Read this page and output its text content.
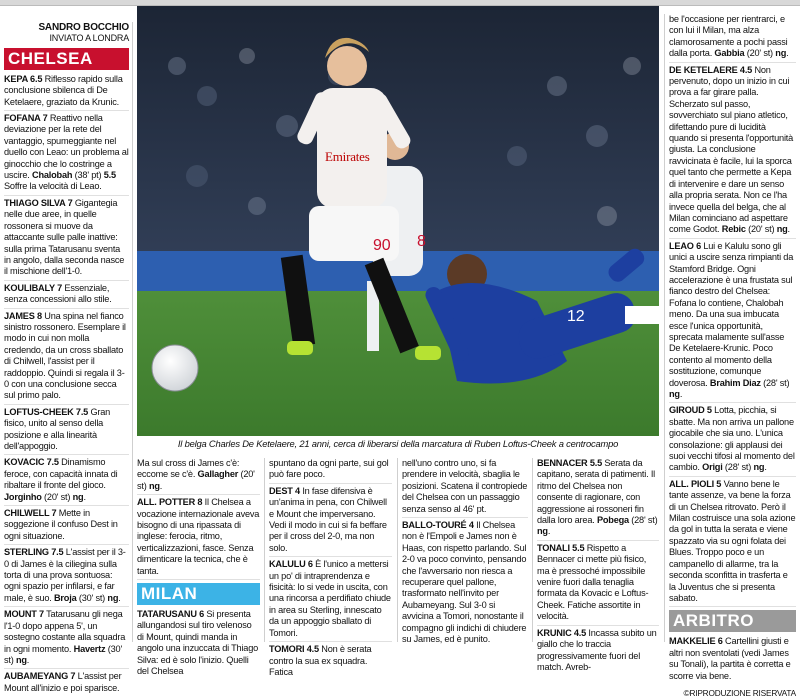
SANDRO BOCCHIO
INVIATO A LONDRA
CHELSEA
KEPA 6.5 Riflesso rapido sulla conclusione sbilenca di De Ketelaere, graziato da Krunic.
FOFANA 7 Reattivo nella deviazione per la rete del vantaggio, spumeggiante nel duello con Leao: un problema al ginocchio che lo costringe a uscire. Chalobah (38' pt) 5.5 Soffre la velocità di Leao.
THIAGO SILVA 7 Gigantegia nelle due aree, in quelle rossonera si muove da attaccante sulle palle inattive: sulla prima Tatarusanu sventa in angolo, dalla seconda nasce il mischione dell'1-0.
KOULIBALY 7 Essenziale, senza concessioni allo stile.
JAMES 8 Una spina nel fianco sinistro rossonero. Esemplare il modo in cui non molla credendo, da un cross sballato di Chilwell, l'assist per il raddoppio. Quindi si regala il 3-0 con una conclusione secca sul primo palo.
LOFTUS-CHEEK 7.5 Gran fisico, unito al senso della posizione e alla linearità dell'appoggio.
KOVACIC 7.5 Dinamismo feroce, con capacità innata di ribaltare il fronte del gioco. Jorginho (20' st) ng.
CHILWELL 7 Mette in soggezione il confuso Dest in ogni situazione.
STERLING 7.5 L'assist per il 3-0 di James è la ciliegina sulla torta di una prova sontuosa: ogni spazio per infilarsi, e far male, è suo. Broja (30' st) ng.
MOUNT 7 Tatarusanu gli nega l'1-0 dopo appena 5', un sostegno costante alla squadra in ogni momento. Havertz (30' st) ng.
AUBAMEYANG 7 L'assist per Mount all'inizio e poi sparisce.
8
Emirates
90
12
Il belga Charles De Ketelaere, 21 anni, cerca di liberarsi della marcatura di Ruben Loftus-Cheek a centrocampo
Ma sul cross di James c'è: eccome se c'è. Gallagher (20' st) ng.
ALL. POTTER 8 Il Chelsea a vocazione internazionale aveva bisogno di una ripassata di inglese: ferocia, ritmo, verticalizzazioni, fasce. Senza dimenticare la tecnica, che è tanta.
MILAN
TATARUSANU 6 Si presenta allungandosi sul tiro velenoso di Mount, quindi manda in angolo una inzuccata di Thiago Silva: ed è solo l'inizio. Quelli del Chelsea
spuntano da ogni parte, sui gol può fare poco.
DEST 4 In fase difensiva è un'anima in pena, con Chilwell e Mount che imperversano. Vedi il modo in cui si fa beffare per il cross del 2-0, ma non solo.
KALULU 6 È l'unico a mettersi un po' di intraprendenza e fisicità: lo si vede in uscita, con una rincorsa a perdifiato chiude in area su Sterling, innescato da un appoggio sballato di Tomori.
TOMORI 4.5 Non è serata contro la sua ex squadra. Fatica
nell'uno contro uno, si fa prendere in velocità, sbaglia le posizioni. Scatena il contropiede del Chelsea con un passaggio senza senso al 46' pt.
BALLO-TOURÉ 4 Il Chelsea non è l'Empoli e James non è Haas, con rispetto parlando. Sul 2-0 va poco convinto, pensando che l'avversario non riesca a recuperare quel pallone, trasformato nell'invito per Aubameyang. Sul 3-0 si avvicina a Tomori, nonostante il compagno gli indichi di chiudere su James, ed è punito.
BENNACER 5.5 Serata da capitano, serata di patimenti. Il ritmo del Chelsea non consente di ragionare, con aggressione ai rossoneri fin dalla loro area. Pobega (28' st) ng.
TONALI 5.5 Rispetto a Bennacer ci mette più fisico, ma è pressoché impossibile venire fuori dalla tenaglia formata da Kovacic e Loftus-Cheek. Fatiche assortite in velocità.
KRUNIC 4.5 Incassa subito un giallo che lo traccia progressivamente fuori del match. Avreb-
be l'occasione per rientrarci, e con lui il Milan, ma alza clamorosamente a pochi passi dalla porta. Gabbia (20' st) ng.
DE KETELAERE 4.5 Non pervenuto, dopo un inizio in cui prova a far girare palla. Scherzato sul passo, sovverchiato sul piano atletico, difettando pure di lucidità quando si presenta l'opportunità giusta. La conclusione ravvicinata è facile, lui la sporca quel tanto che permette a Kepa di intervenire e dare un senso alla propria serata. Non ce l'ha invece quella del belga, che al Milan cominciano ad aspettare come Godot. Rebic (20' st) ng.
LEAO 6 Lui e Kalulu sono gli unici a uscire senza rimpianti da Stamford Bridge. Ogni accelerazione è una frustata sul fianco destro del Chelsea: Fofana lo contiene, Chalobah meno. Da una sua imbucata esce l'unica opportunità, sprecata malamente sull'asse De Ketelaere-Krunic. Poco contento al momento della sostituzione, comunque doverosa. Brahim Diaz (28' st) ng.
GIROUD 5 Lotta, picchia, si sbatte. Ma non arriva un pallone giocabile che sia uno. L'unica consolazione: gli applausi dei suoi vecchi tifosi al momento del cambio. Origi (28' st) ng.
ALL. PIOLI 5 Vanno bene le tante assenze, va bene la forza di un Chelsea ritrovato. Però il Milan costruisce una sola azione da gol in tutta la serata e viene spazzato via su ogni folata dei Blues. Troppo poco e un campanello di allarme, tra la seconda sconfitta in trasferta e la Juventus che si presenta sabato.
ARBITRO
MAKKELIE 6 Cartellini giusti e altri non sventolati (vedi James su Tonali), la partita è corretta e scorre via bene.
©RIPRODUZIONE RISERVATA
